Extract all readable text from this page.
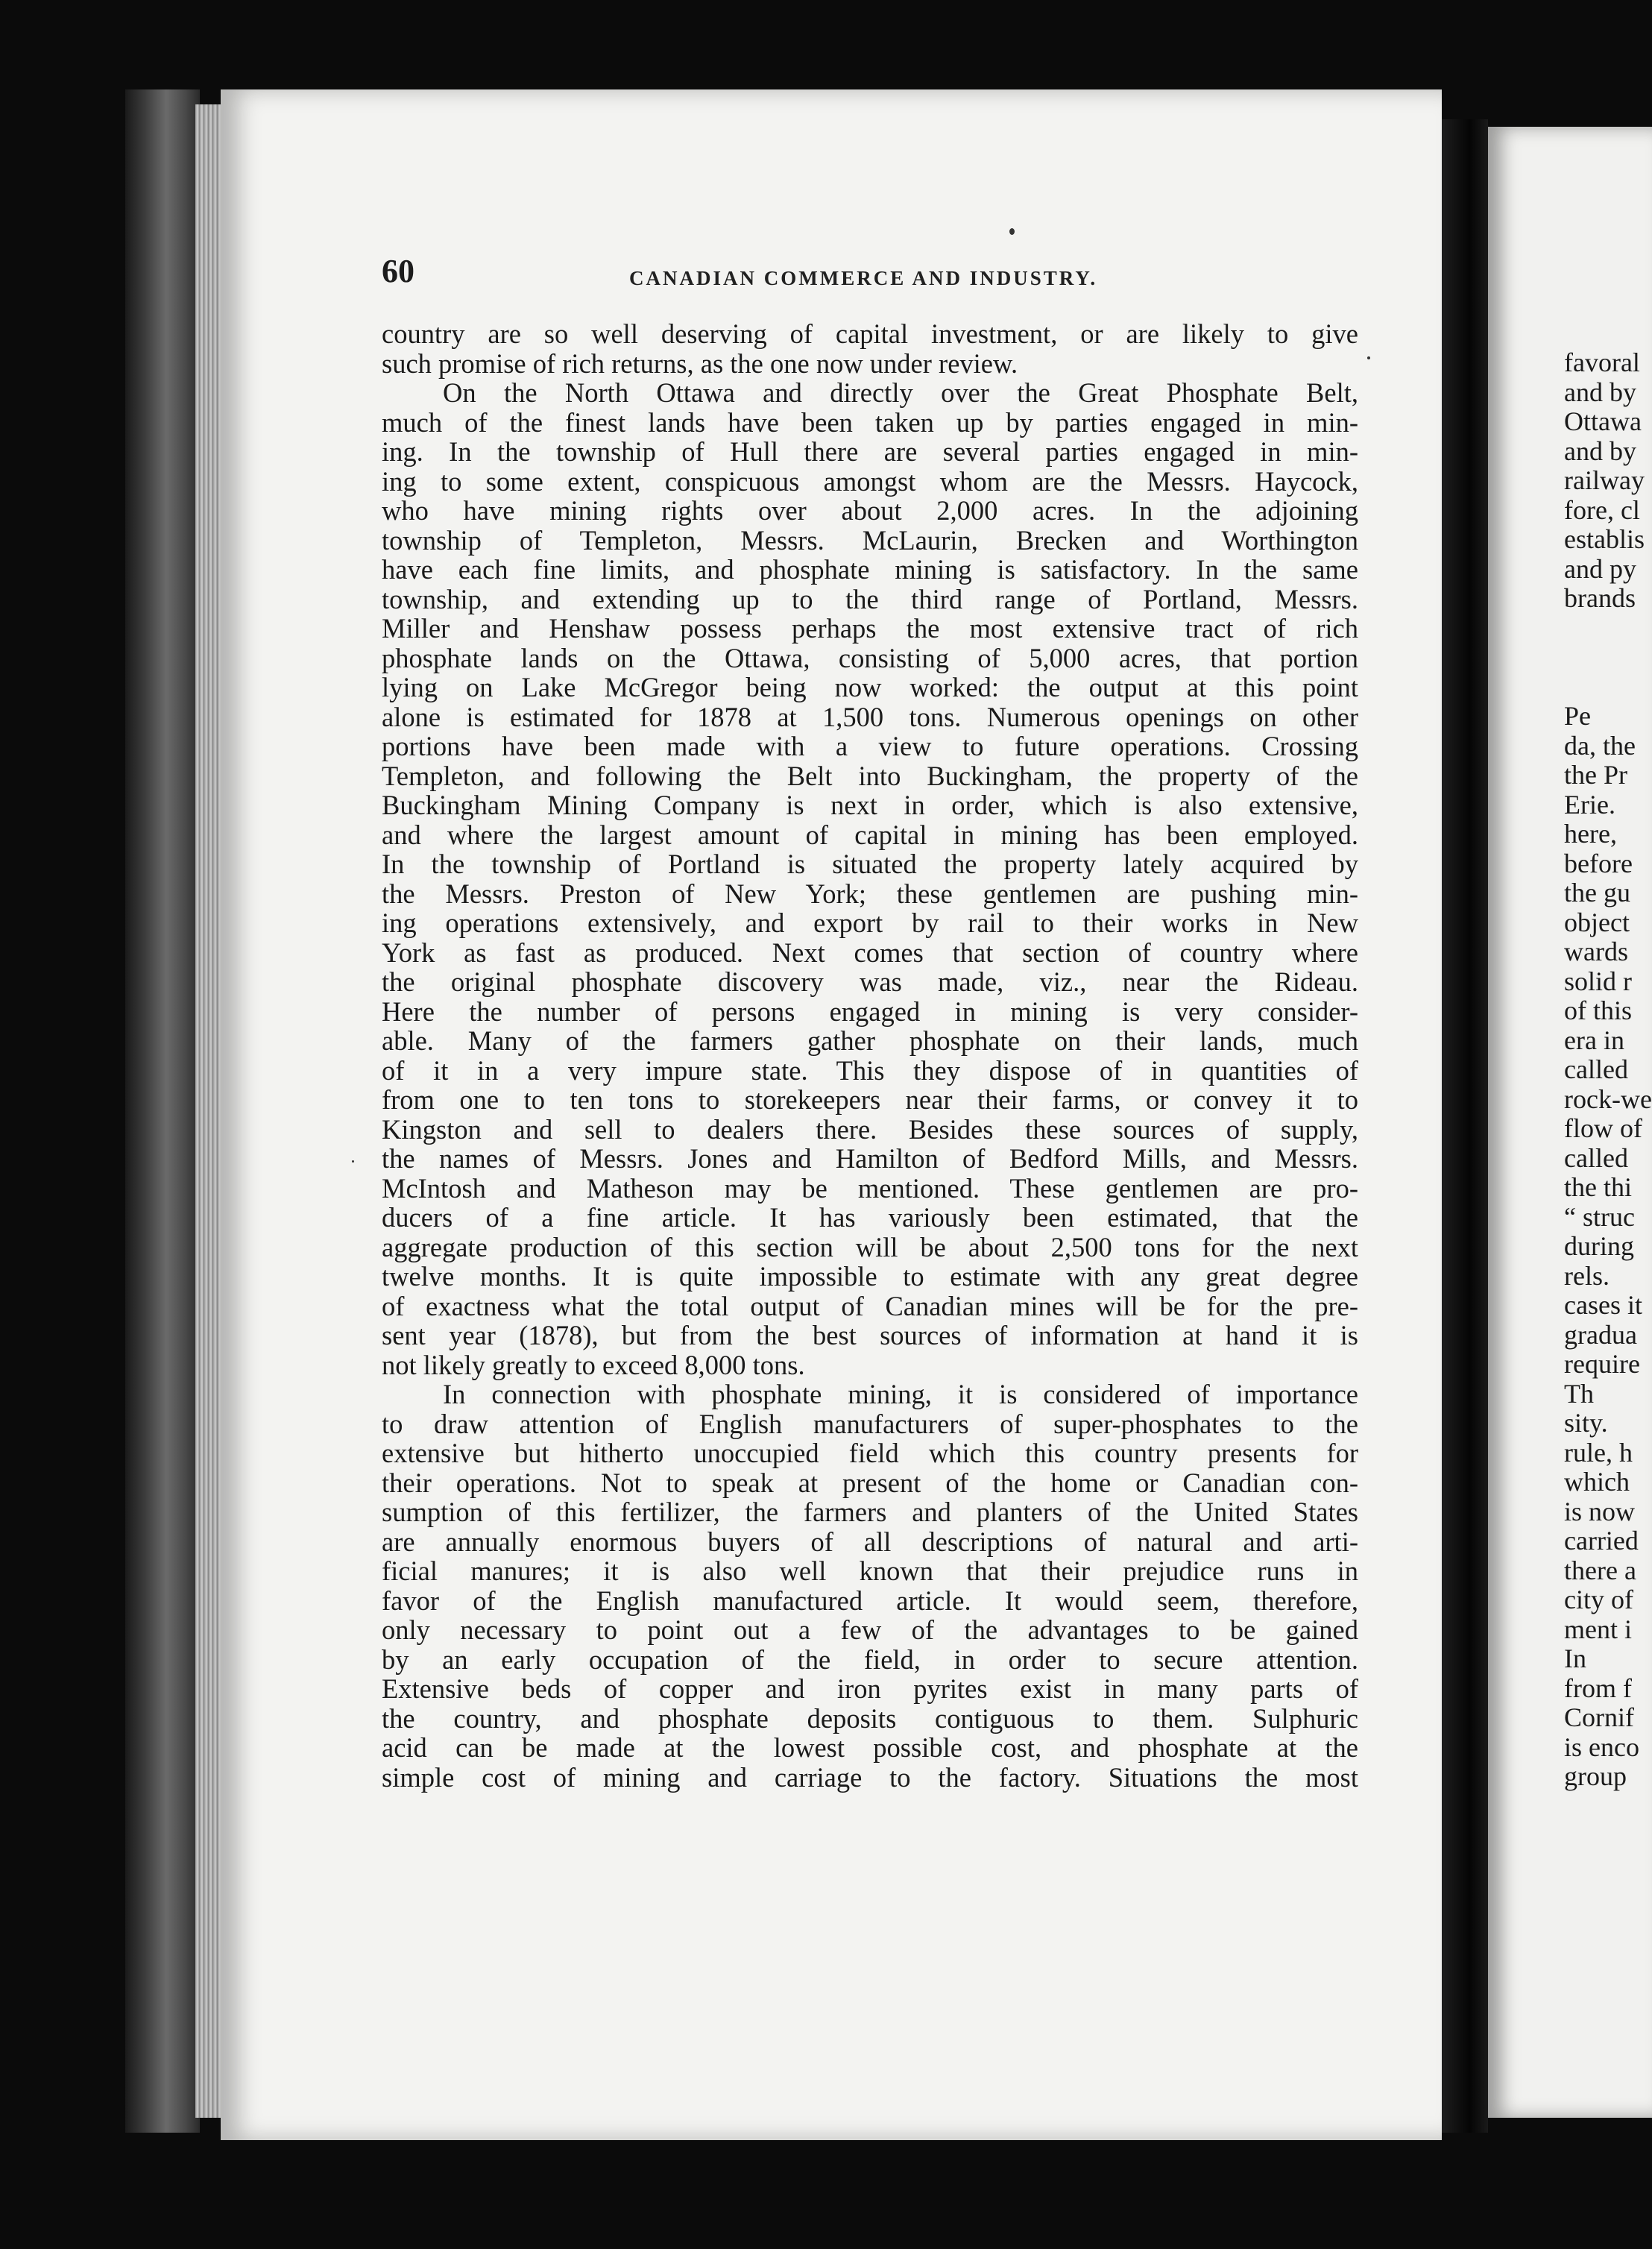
60	CANADIAN COMMERCE AND INDUSTRY.
country are so well deserving of capital investment, or are likely to give
such promise of rich returns, as the one now under review.
On the North Ottawa and directly over the Great Phosphate Belt,
much of the finest lands have been taken up by parties engaged in min-
ing. In the township of Hull there are several parties engaged in min-
ing to some extent, conspicuous amongst whom are the Messrs. Haycock,
who have mining rights over about 2,000 acres. In the adjoining
township of Templeton, Messrs. McLaurin, Brecken and Worthington
have each fine limits, and phosphate mining is satisfactory. In the same
township, and extending up to the third range of Portland, Messrs.
Miller and Henshaw possess perhaps the most extensive tract of rich
phosphate lands on the Ottawa, consisting of 5,000 acres, that portion
lying on Lake McGregor being now worked: the output at this point
alone is estimated for 1878 at 1,500 tons. Numerous openings on other
portions have been made with a view to future operations. Crossing
Templeton, and following the Belt into Buckingham, the property of the
Buckingham Mining Company is next in order, which is also extensive,
and where the largest amount of capital in mining has been employed.
In the township of Portland is situated the property lately acquired by
the Messrs. Preston of New York; these gentlemen are pushing min-
ing operations extensively, and export by rail to their works in New
York as fast as produced. Next comes that section of country where
the original phosphate discovery was made, viz., near the Rideau.
Here the number of persons engaged in mining is very consider-
able. Many of the farmers gather phosphate on their lands, much
of it in a very impure state. This they dispose of in quantities of
from one to ten tons to storekeepers near their farms, or convey it to
Kingston and sell to dealers there. Besides these sources of supply,
the names of Messrs. Jones and Hamilton of Bedford Mills, and Messrs.
McIntosh and Matheson may be mentioned. These gentlemen are pro-
ducers of a fine article. It has variously been estimated, that the
aggregate production of this section will be about 2,500 tons for the next
twelve months. It is quite impossible to estimate with any great degree
of exactness what the total output of Canadian mines will be for the pre-
sent year (1878), but from the best sources of information at hand it is
not likely greatly to exceed 8,000 tons.
In connection with phosphate mining, it is considered of importance
to draw attention of English manufacturers of super-phosphates to the
extensive but hitherto unoccupied field which this country presents for
their operations. Not to speak at present of the home or Canadian con-
sumption of this fertilizer, the farmers and planters of the United States
are annually enormous buyers of all descriptions of natural and arti-
ficial manures; it is also well known that their prejudice runs in
favor of the English manufactured article. It would seem, therefore,
only necessary to point out a few of the advantages to be gained
by an early occupation of the field, in order to secure attention.
Extensive beds of copper and iron pyrites exist in many parts of
the country, and phosphate deposits contiguous to them. Sulphuric
acid can be made at the lowest possible cost, and phosphate at the
simple cost of mining and carriage to the factory. Situations the most
favoral
and by
Ottawa
and by
railway
fore, cl
establis
and py
brands
Pe
da, the
the Pr
Erie.
here,
before
the gu
object
wards
solid r
of this
era in
called
rock-we
flow of
called
the thi
“ struc
during
rels.
cases it
gradua
require
Th
sity.
rule, h
which
is now
carried
there a
city of
ment i
In
from f
Cornif
is enco
group
